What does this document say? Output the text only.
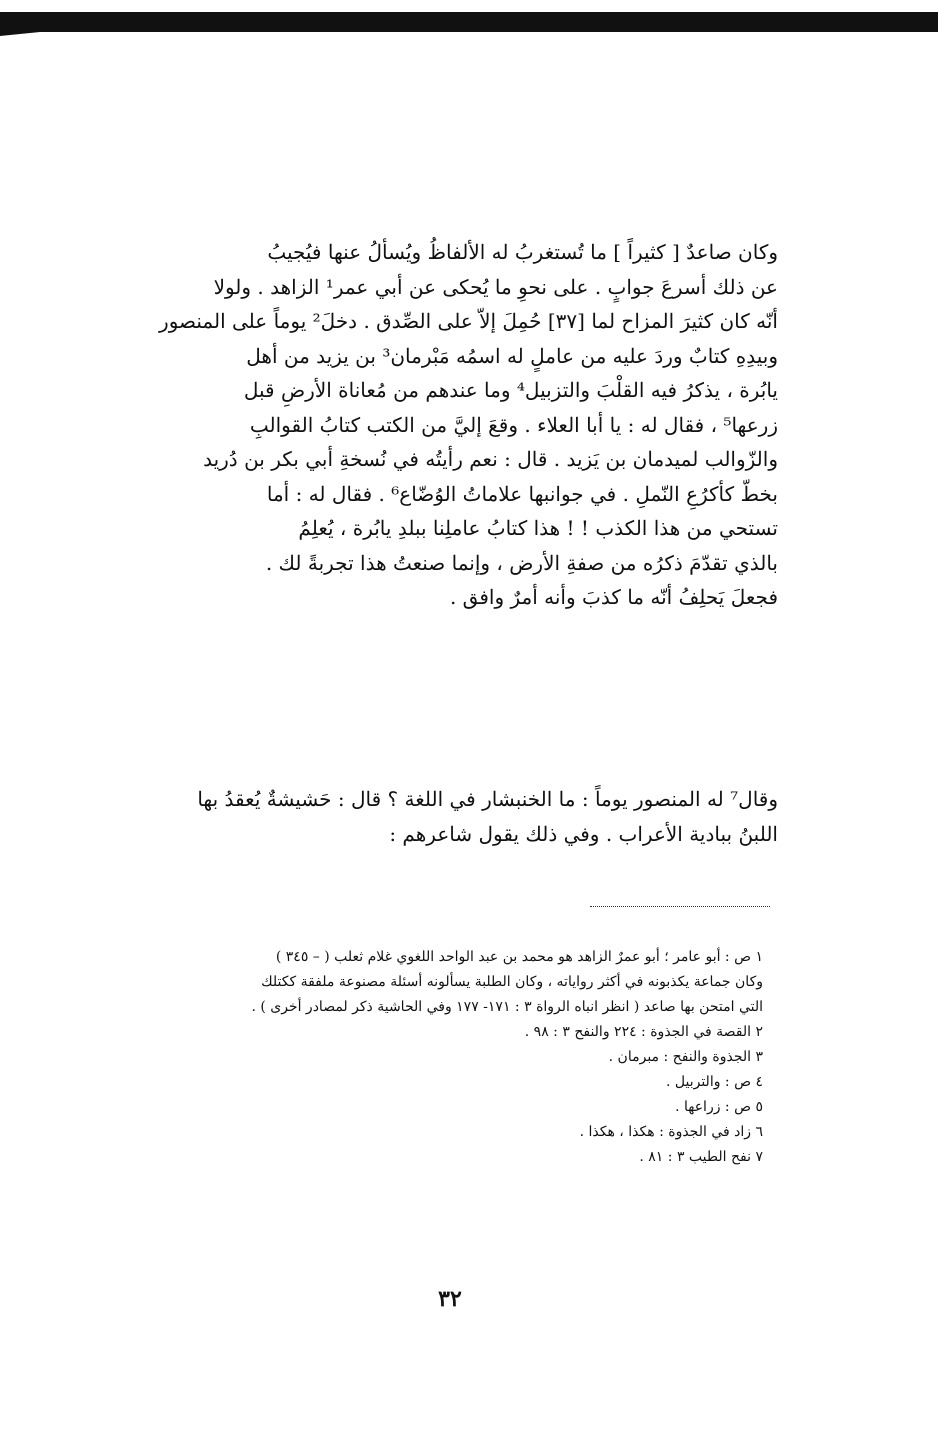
وكان صاعدٌ [ كثيراً ] ما تُستغربُ له الألفاظُ ويُسألُ عنها فيُجيبُ
عن ذلك أسرعَ جوابٍ . على نحوِ ما يُحكى عن أبي عمر¹ الزاهد . ولولا
أنّه كان كثيرَ المزاح لما [٣٧] حُمِلَ إلاّ على الصِّدق . دخلَ² يوماً على المنصور
وبيدِهِ كتابٌ وردَ عليه من عاملٍ له اسمُه مَبْرمان³ بن يزيد من أهل
يابُرة ، يذكرُ فيه القلْبَ والتزبيل⁴ وما عندهم من مُعاناة الأرضِ قبل
زرعها⁵ ، فقال له : يا أبا العلاء . وقعَ إليَّ من الكتب كتابُ القوالبِ
والزّوالب لميدمان بن يَزيد . قال : نعم رأيتُه في نُسخةِ أبي بكر بن دُريد
بخطّ كأكرُعِ النّملِ . في جوانبها علاماتُ الوُضّاع⁶ . فقال له : أما
تستحي من هذا الكذب ! ! هذا كتابُ عاملِنا ببلدِ يابُرة ، يُعلِمُ
بالذي تقدّمَ ذكرُه من صفةِ الأرض ، وإنما صنعتُ هذا تجربةً لك .
فجعلَ يَحلِفُ أنّه ما كذبَ وأنه أمرٌ وافق .
وقال⁷ له المنصور يوماً : ما الخنبشار في اللغة ؟ قال : حَشيشةٌ يُعقدُ بها
اللبنُ ببادية الأعراب . وفي ذلك يقول شاعرهم :
١ ص : أبو عامر ؛ أبو عمرٌ الزاهد هو محمد بن عبد الواحد اللغوي غلام ثعلب ( – ٣٤٥ )
وكان جماعة يكذبونه في أكثر رواياته ، وكان الطلبة يسألونه أسئلة مصنوعة ملفقة ككتلك
التي امتحن بها صاعد ( انظر انباه الرواة ٣ : ١٧١- ١٧٧ وفي الحاشية ذكر لمصادر أخرى ) .
٢ القصة في الجذوة : ٢٢٤ والنفح ٣ : ٩٨ .
٣ الجذوة والنفح : مبرمان .
٤ ص : والتربيل .
٥ ص : زراعها .
٦ زاد في الجذوة : هكذا ، هكذا .
٧ نفح الطيب ٣ : ٨١ .
٣٢
